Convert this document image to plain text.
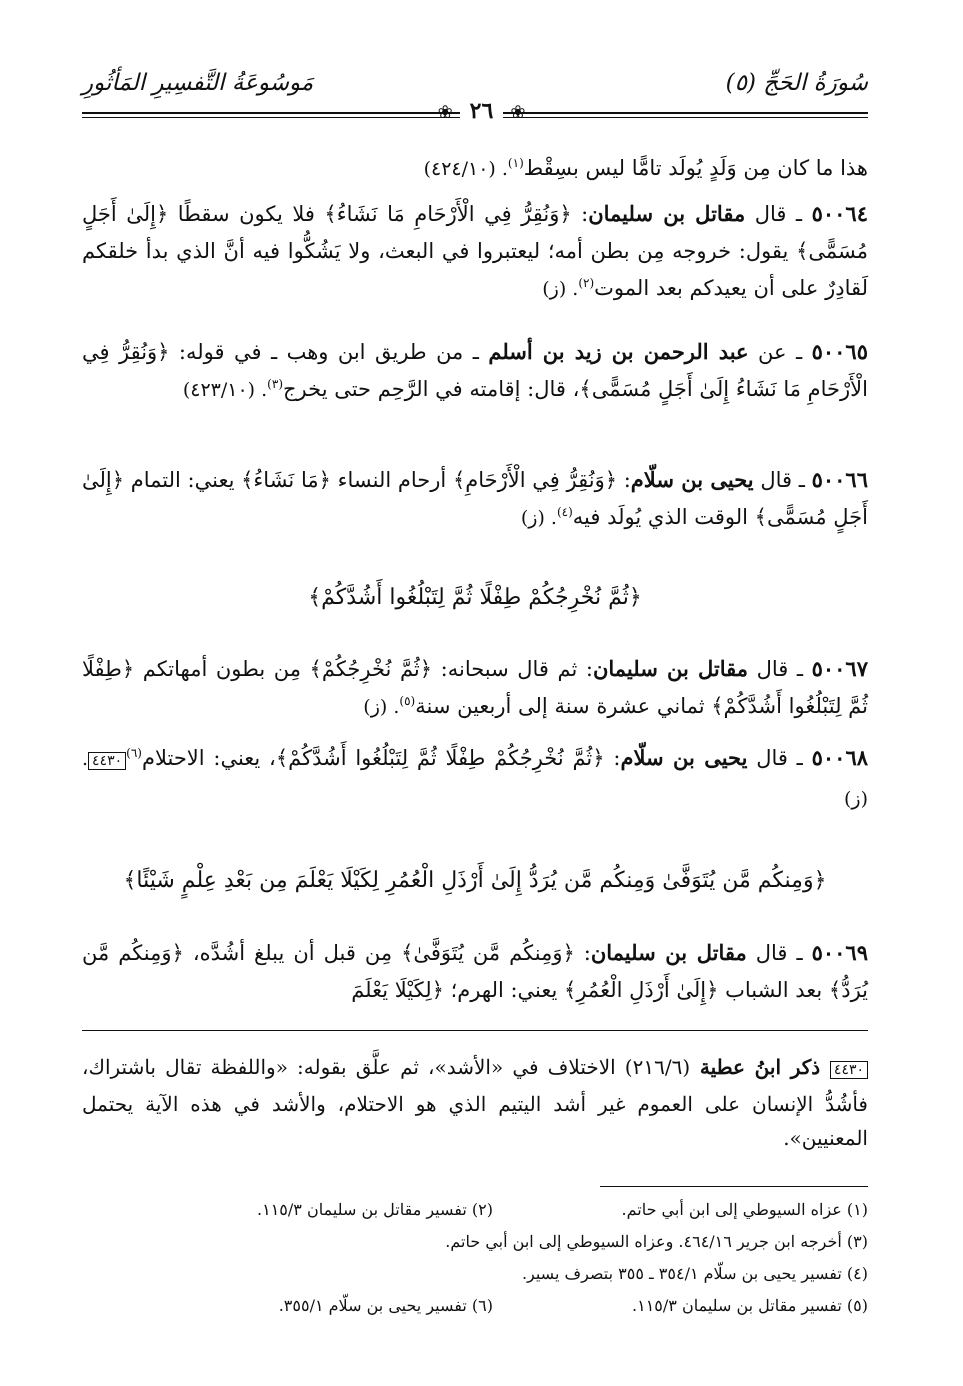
سُورَةُ الحَجِّ (٥)
مَوسُوعَةُ التَّفسِيرِ المَأثُورِ
❀ ٢٦ ❀
هذا ما كان مِن وَلَدٍ يُولَد تامًّا ليس بسِقْط$^{(١)}$. (٤٢٤/١٠)
٥٠٠٦٤ ـ قال مقاتل بن سليمان: ﴿وَنُقِرُّ فِي الْأَرْحَامِ مَا نَشَاءُ﴾ فلا يكون سقطًا ﴿إِلَىٰ أَجَلٍ مُسَمًّى﴾ يقول: خروجه مِن بطن أمه؛ ليعتبروا في البعث، ولا يَشُكُّوا فيه أنَّ الذي بدأ خلقكم لَقادِرٌ على أن يعيدكم بعد الموت$^{(٢)}$. (ز)
٥٠٠٦٥ ـ عن عبد الرحمن بن زيد بن أسلم ـ من طريق ابن وهب ـ في قوله: ﴿وَنُقِرُّ فِي الْأَرْحَامِ مَا نَشَاءُ إِلَىٰ أَجَلٍ مُسَمًّى﴾، قال: إقامته في الرَّحِم حتى يخرج$^{(٣)}$. (٤٢٣/١٠)
٥٠٠٦٦ ـ قال يحيى بن سلّام: ﴿وَنُقِرُّ فِي الْأَرْحَامِ﴾ أرحام النساء ﴿مَا نَشَاءُ﴾ يعني: التمام ﴿إِلَىٰ أَجَلٍ مُسَمًّى﴾ الوقت الذي يُولَد فيه$^{(٤)}$. (ز)
﴿ثُمَّ نُخْرِجُكُمْ طِفْلًا ثُمَّ لِتَبْلُغُوا أَشُدَّكُمْ﴾
٥٠٠٦٧ ـ قال مقاتل بن سليمان: ثم قال سبحانه: ﴿ثُمَّ نُخْرِجُكُمْ﴾ مِن بطون أمهاتكم ﴿طِفْلًا ثُمَّ لِتَبْلُغُوا أَشُدَّكُمْ﴾ ثماني عشرة سنة إلى أربعين سنة$^{(٥)}$. (ز)
٥٠٠٦٨ ـ قال يحيى بن سلّام: ﴿ثُمَّ نُخْرِجُكُمْ طِفْلًا ثُمَّ لِتَبْلُغُوا أَشُدَّكُمْ﴾، يعني: الاحتلام$^{(٦)}$٤٤٣٠. (ز)
﴿وَمِنكُم مَّن يُتَوَفَّىٰ وَمِنكُم مَّن يُرَدُّ إِلَىٰ أَرْذَلِ الْعُمُرِ لِكَيْلَا يَعْلَمَ مِن بَعْدِ عِلْمٍ شَيْئًا﴾
٥٠٠٦٩ ـ قال مقاتل بن سليمان: ﴿وَمِنكُم مَّن يُتَوَفَّىٰ﴾ مِن قبل أن يبلغ أشُدَّه، ﴿وَمِنكُم مَّن يُرَدُّ﴾ بعد الشباب ﴿إِلَىٰ أَرْذَلِ الْعُمُرِ﴾ يعني: الهرم؛ ﴿لِكَيْلَا يَعْلَمَ
٤٤٣٠ ذكر ابنُ عطية (٢١٦/٦) الاختلاف في «الأشد»، ثم علَّق بقوله: «واللفظة تقال باشتراك، فأشُدُّ الإنسان على العموم غير أشد اليتيم الذي هو الاحتلام، والأشد في هذه الآية يحتمل المعنيين».
(١) عزاه السيوطي إلى ابن أبي حاتم.
(٢) تفسير مقاتل بن سليمان ١١٥/٣.
(٣) أخرجه ابن جرير ٤٦٤/١٦. وعزاه السيوطي إلى ابن أبي حاتم.
(٤) تفسير يحيى بن سلّام ٣٥٤/١ ـ ٣٥٥ بتصرف يسير.
(٥) تفسير مقاتل بن سليمان ١١٥/٣.
(٦) تفسير يحيى بن سلّام ٣٥٥/١.
